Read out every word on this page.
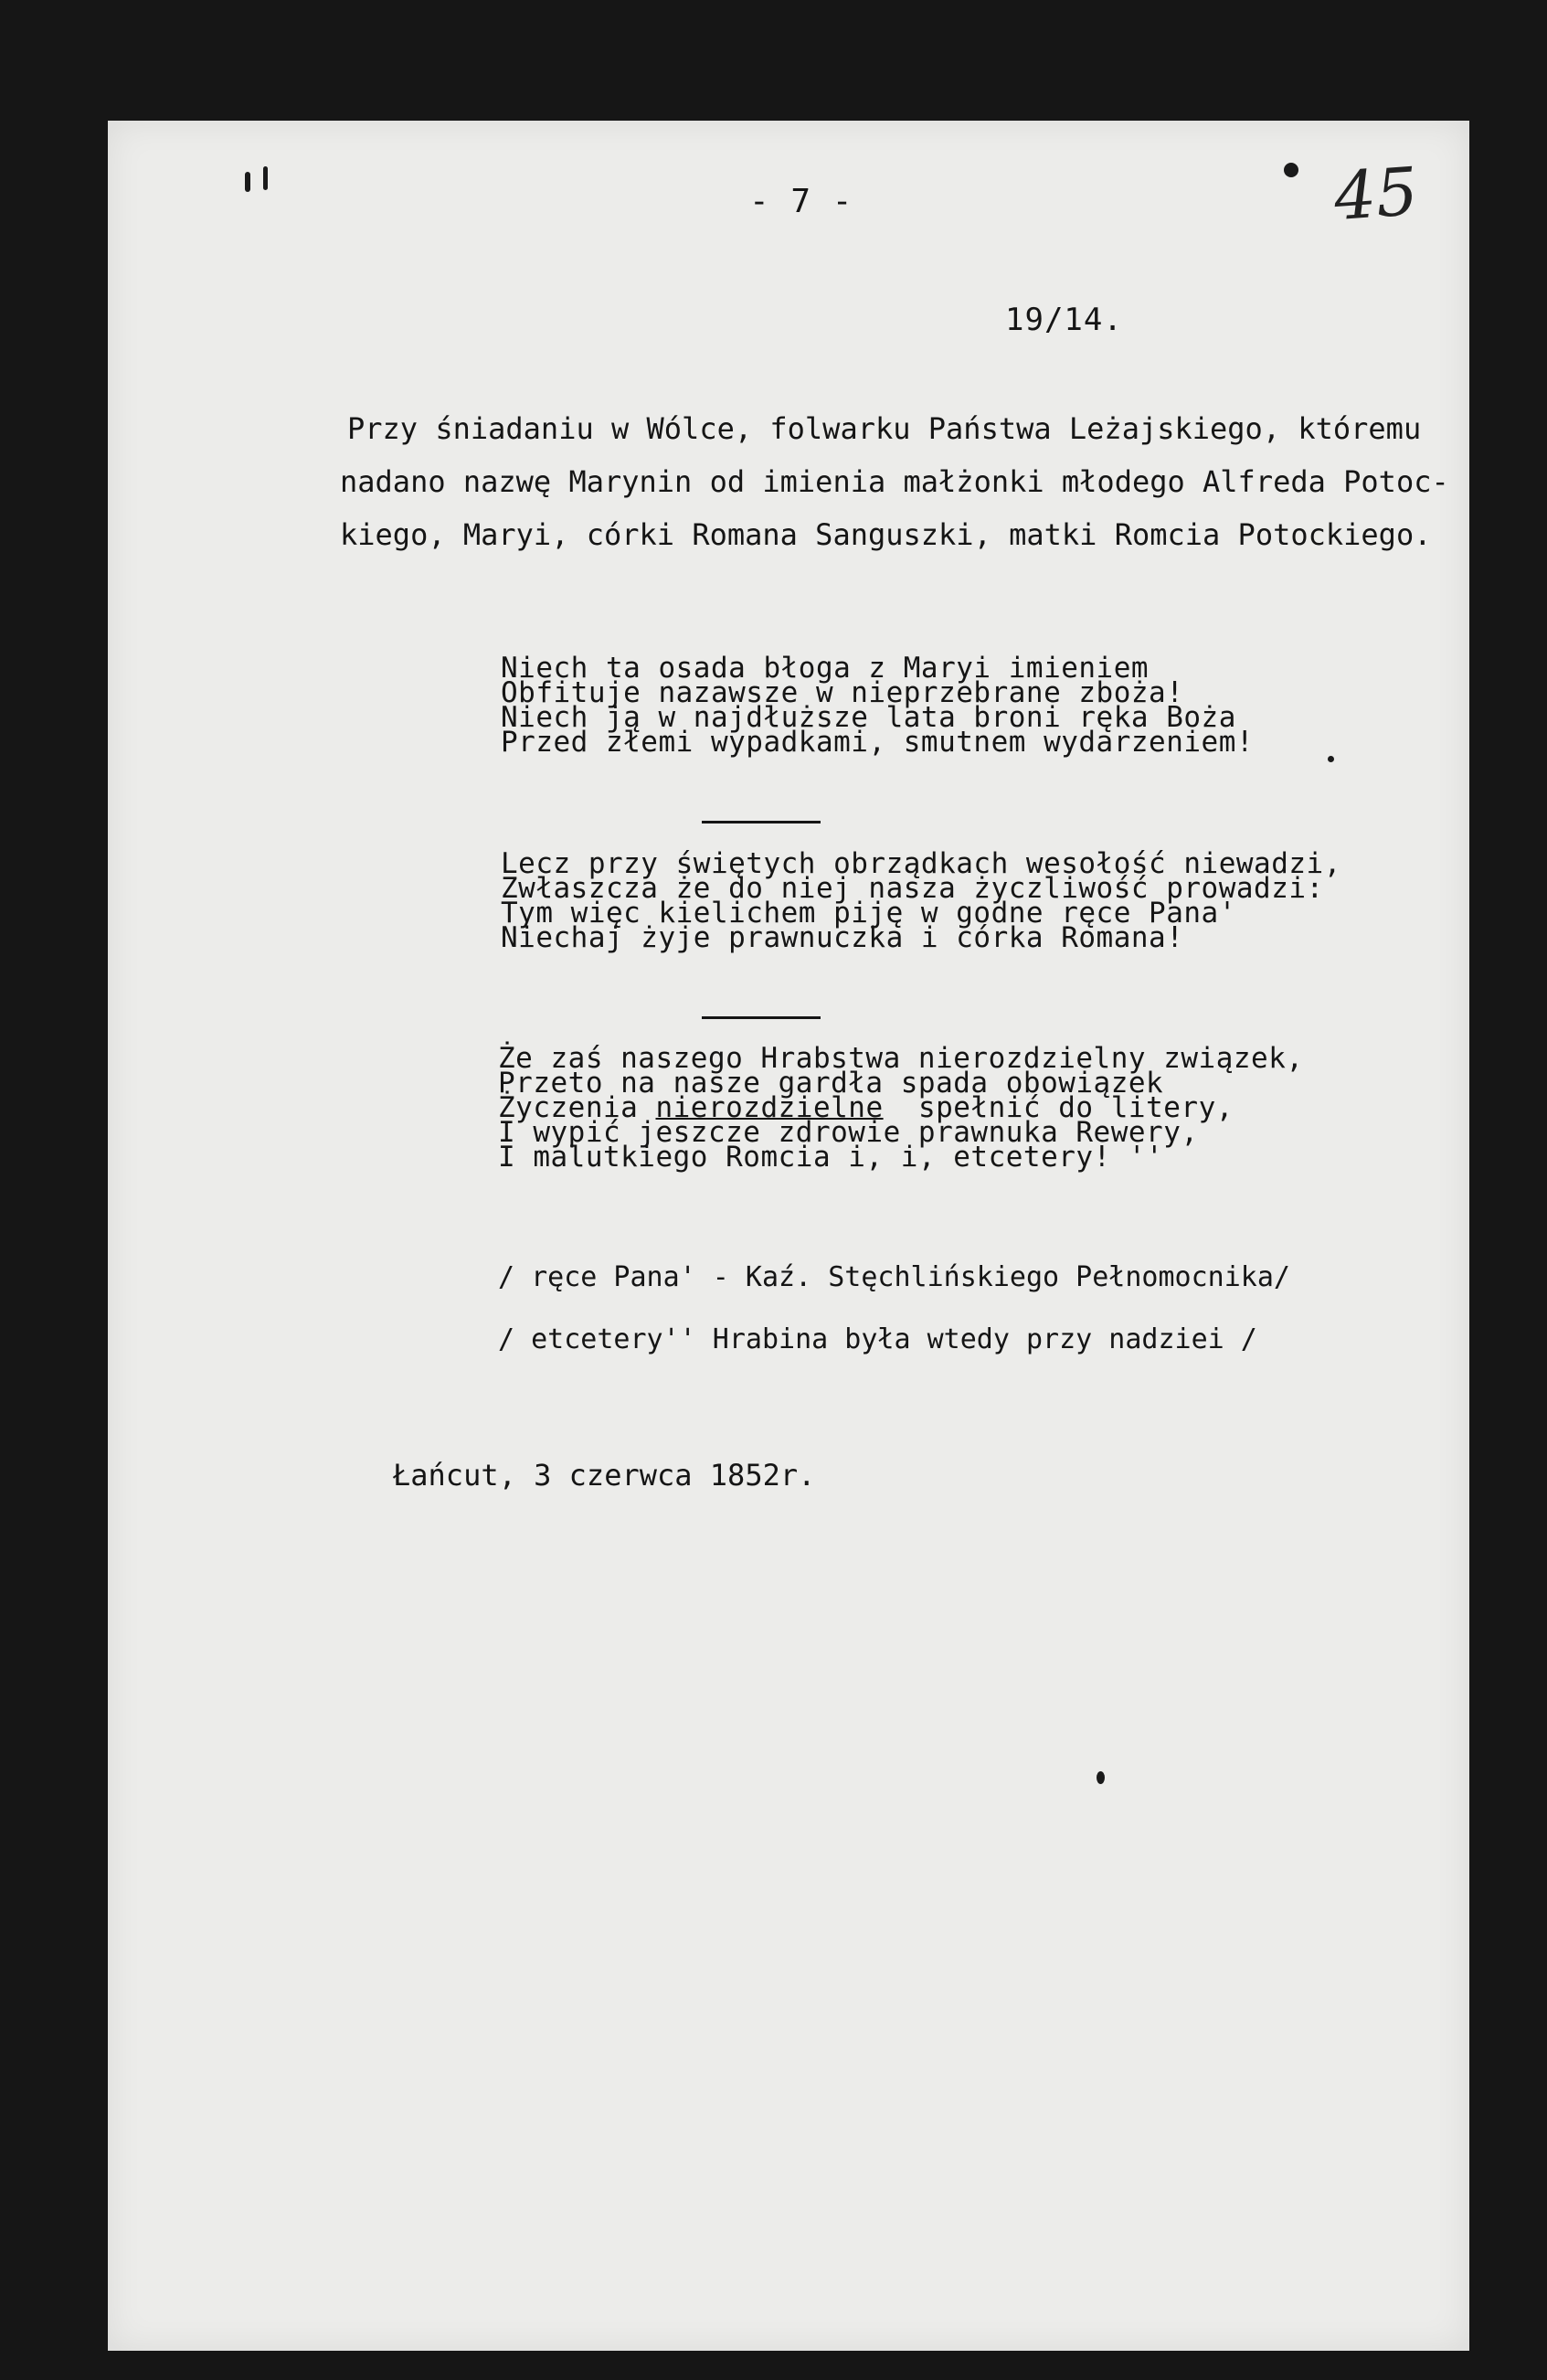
- 7 -	45
19/14.

Przy śniadaniu w Wólce, folwarku Państwa Leżajskiego, któremu

nadano nazwę Marynin od imienia małżonki młodego Alfreda Potoc-

kiego, Maryi, córki Romana Sanguszki, matki Romcia Potockiego.

Niech ta osada błoga z Maryi imieniem
Obfituje nazawsze w nieprzebrane zboża!
Niech ją w najdłuższe lata broni ręka Boża
Przed złemi wypadkami, smutnem wydarzeniem!
Lecz przy świętych obrządkach wesołość niewadzi,
Zwłaszcza że do niej nasza życzliwość prowadzi:
Tym więc kielichem piję w godne ręce Pana'
Niechaj żyje prawnuczka i córka Romana!
Że zaś naszego Hrabstwa nierozdzielny związek,
Przeto na nasze gardła spada obowiązek
Życzenia nierozdzielne  spełnić do litery,
I wypić jeszcze zdrowie prawnuka Rewery,
I malutkiego Romcia i, i, etcetery! ''
/ ręce Pana' - Kaź. Stęchlińskiego Pełnomocnika/
/ etcetery'' Hrabina była wtedy przy nadziei /
Łańcut, 3 czerwca 1852r.
